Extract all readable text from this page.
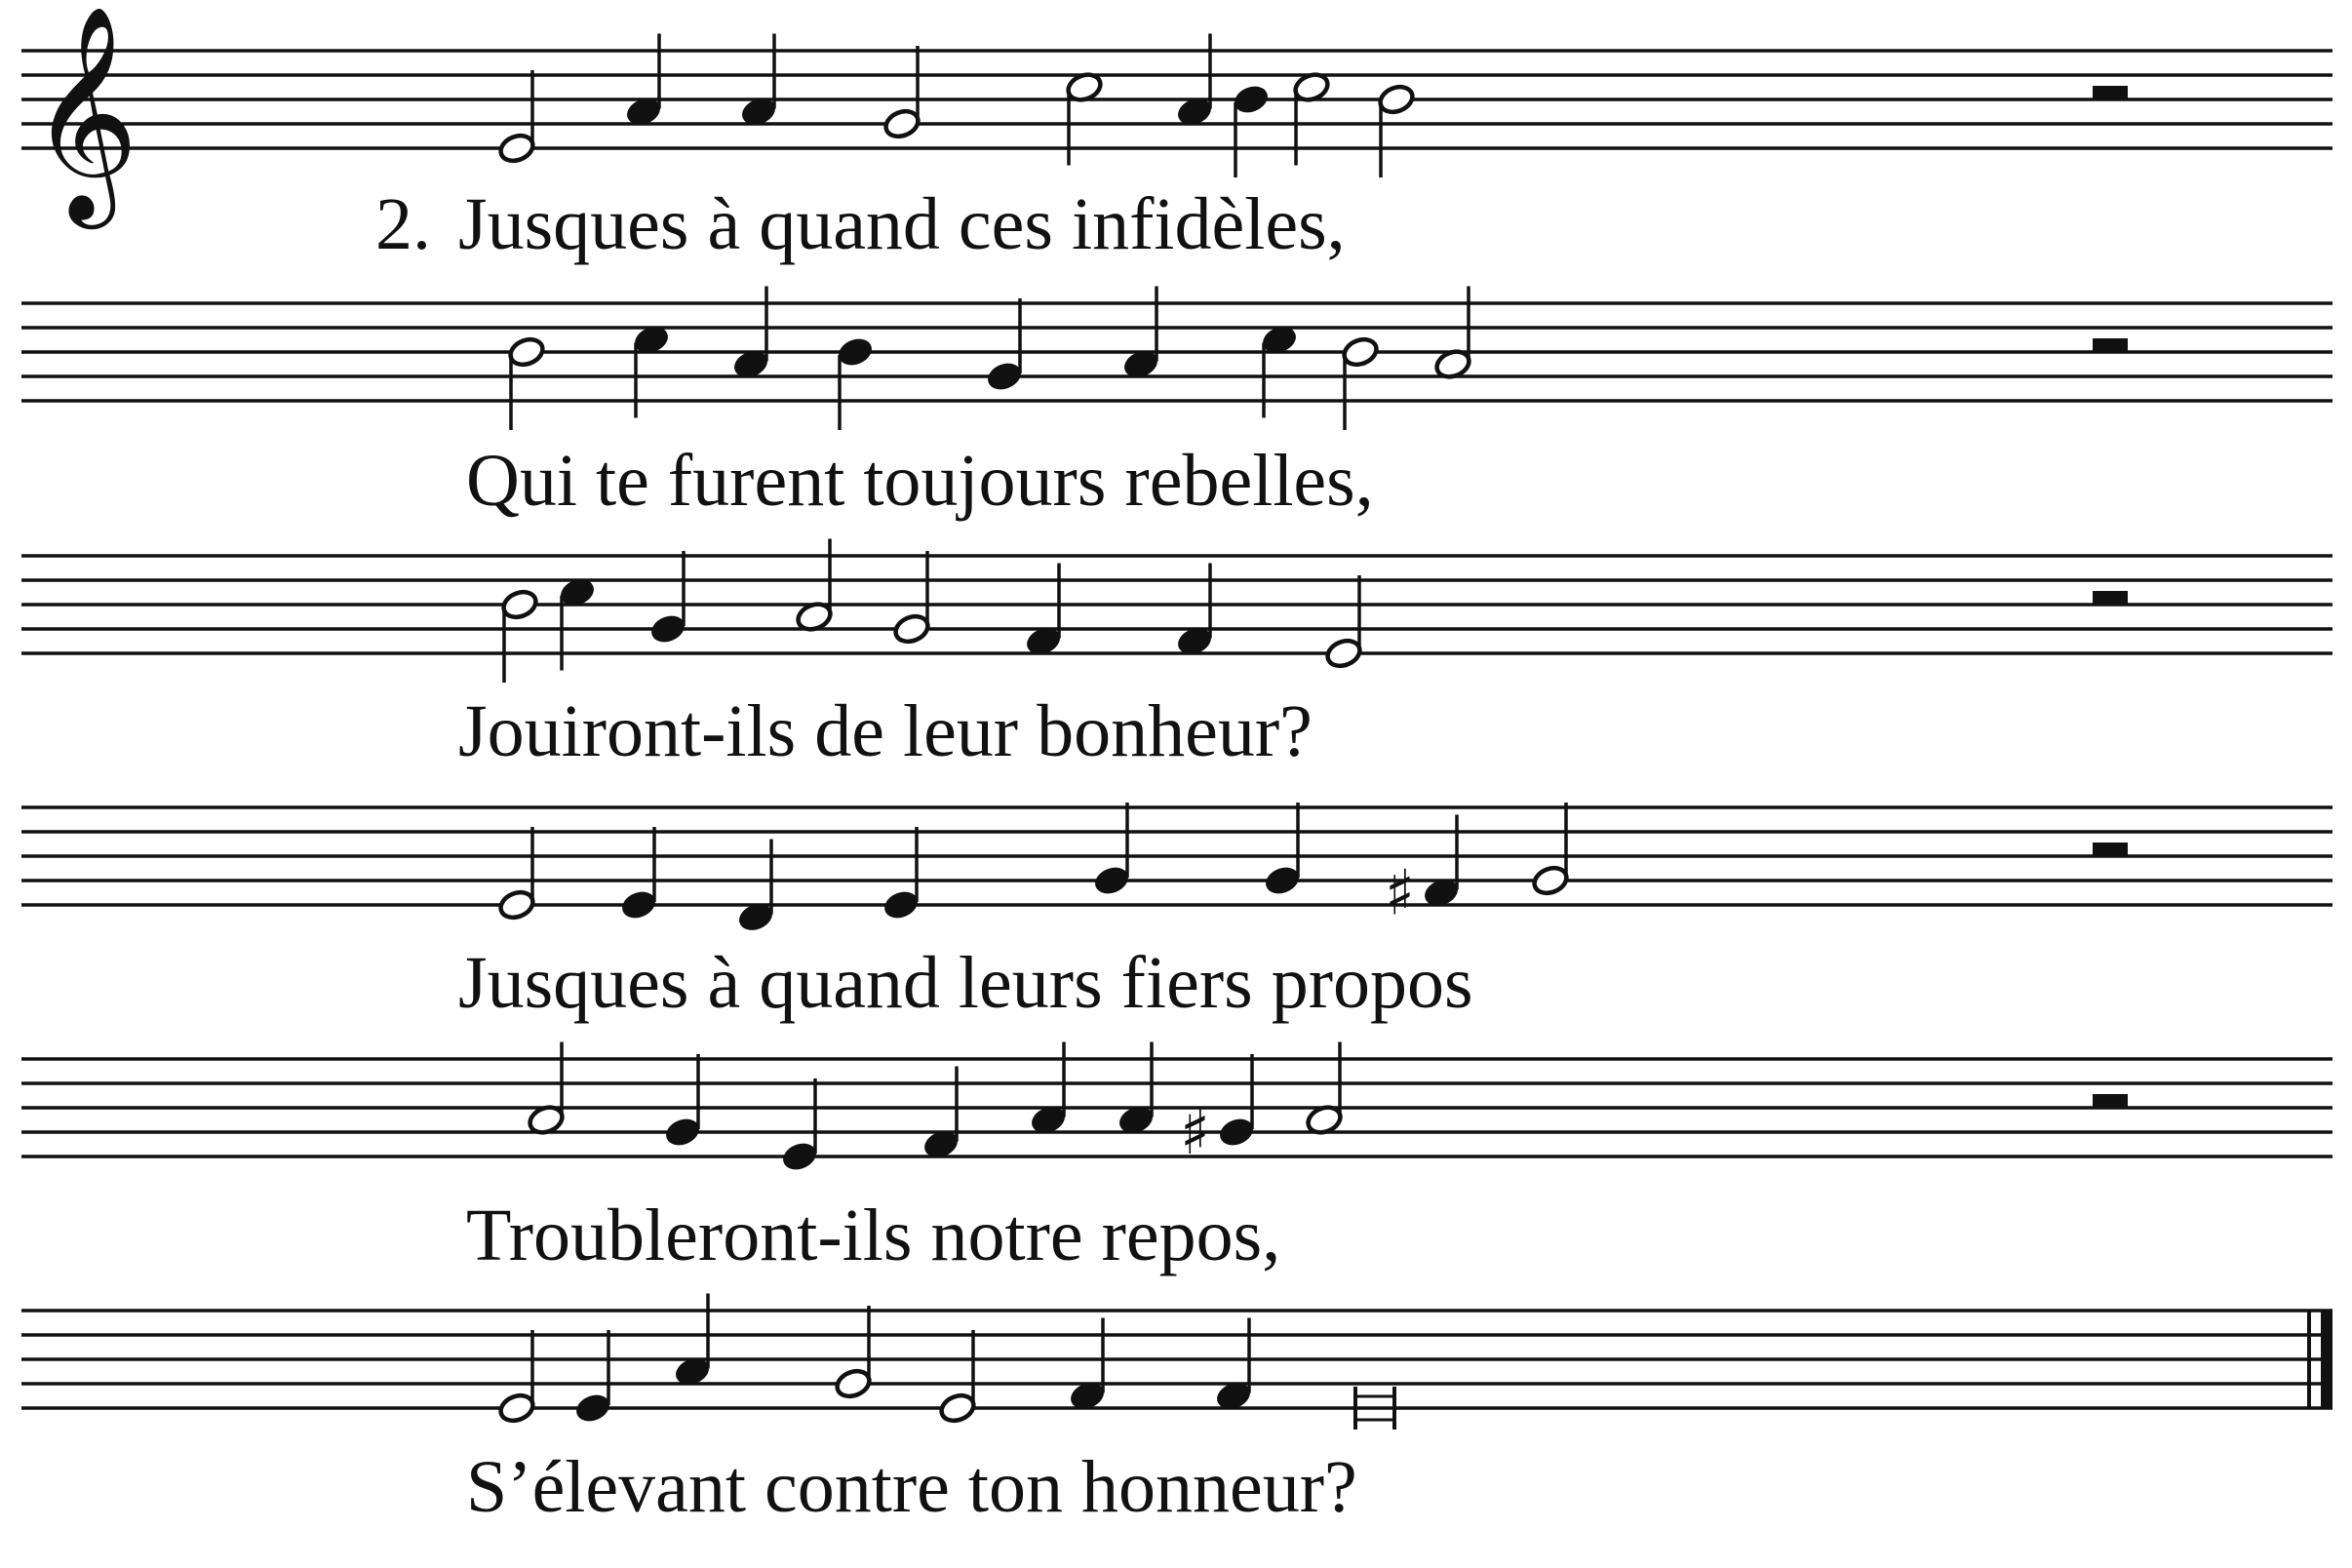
𝄞
♯
♯
2. Jusques à quand ces infidèles,
Qui te furent toujours rebelles,
Jouiront-ils de leur bonheur?
Jusques à quand leurs fiers propos
Troubleront-ils notre repos,
S’élevant contre ton honneur?
